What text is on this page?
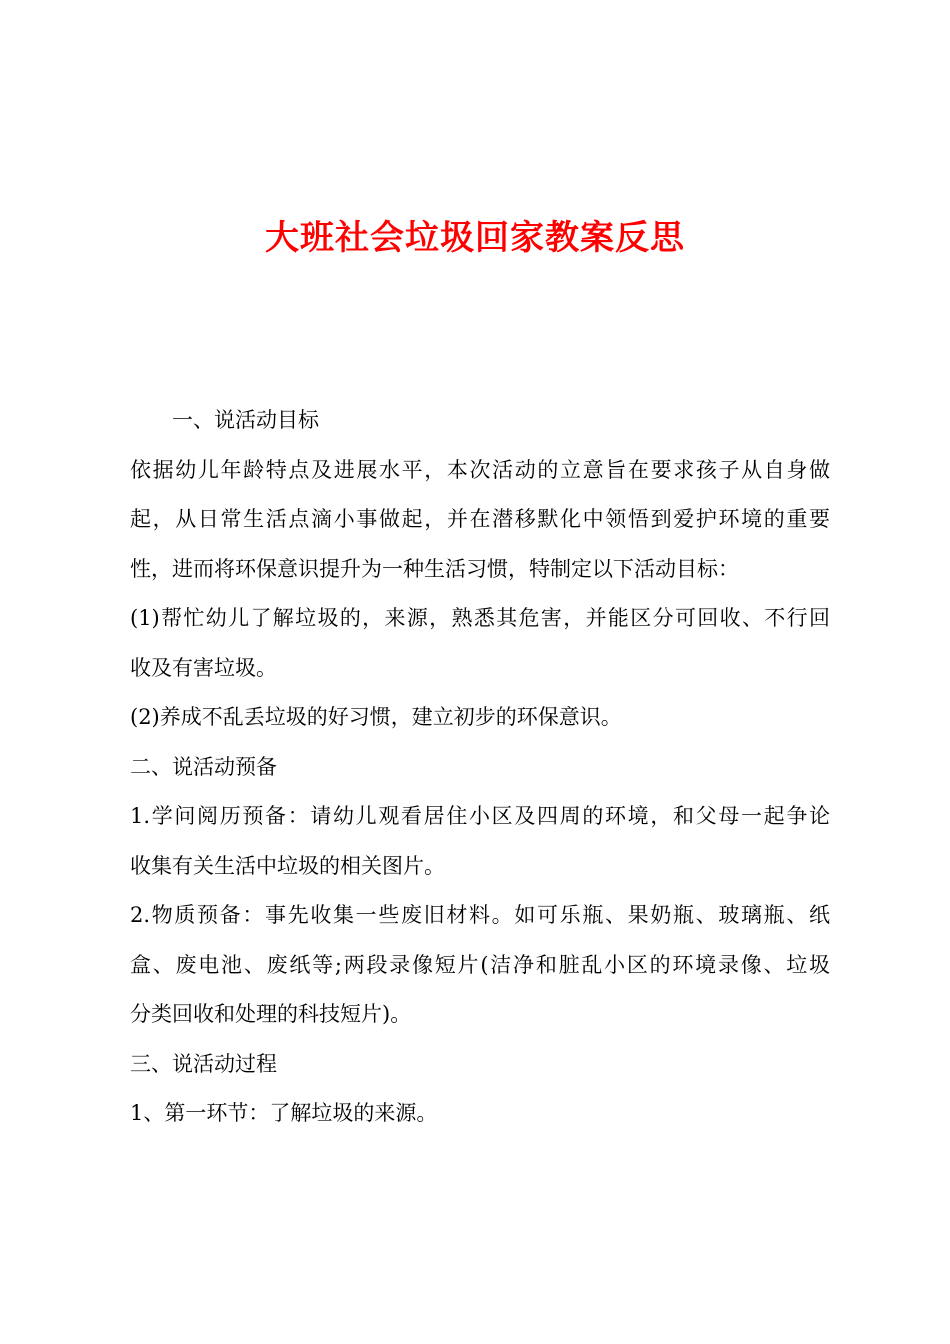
大班社会垃圾回家教案反思
一、说活动目标
依据幼儿年龄特点及进展水平，本次活动的立意旨在要求孩子从自身做
起，从日常生活点滴小事做起，并在潜移默化中领悟到爱护环境的重要
性，进而将环保意识提升为一种生活习惯，特制定以下活动目标：
(1)帮忙幼儿了解垃圾的，来源，熟悉其危害，并能区分可回收、不行回
收及有害垃圾。
(2)养成不乱丢垃圾的好习惯，建立初步的环保意识。
二、说活动预备
1.学问阅历预备：请幼儿观看居住小区及四周的环境，和父母一起争论
收集有关生活中垃圾的相关图片。
2.物质预备：事先收集一些废旧材料。如可乐瓶、果奶瓶、玻璃瓶、纸
盒、废电池、废纸等;两段录像短片(洁净和脏乱小区的环境录像、垃圾
分类回收和处理的科技短片)。
三、说活动过程
1、第一环节：了解垃圾的来源。
